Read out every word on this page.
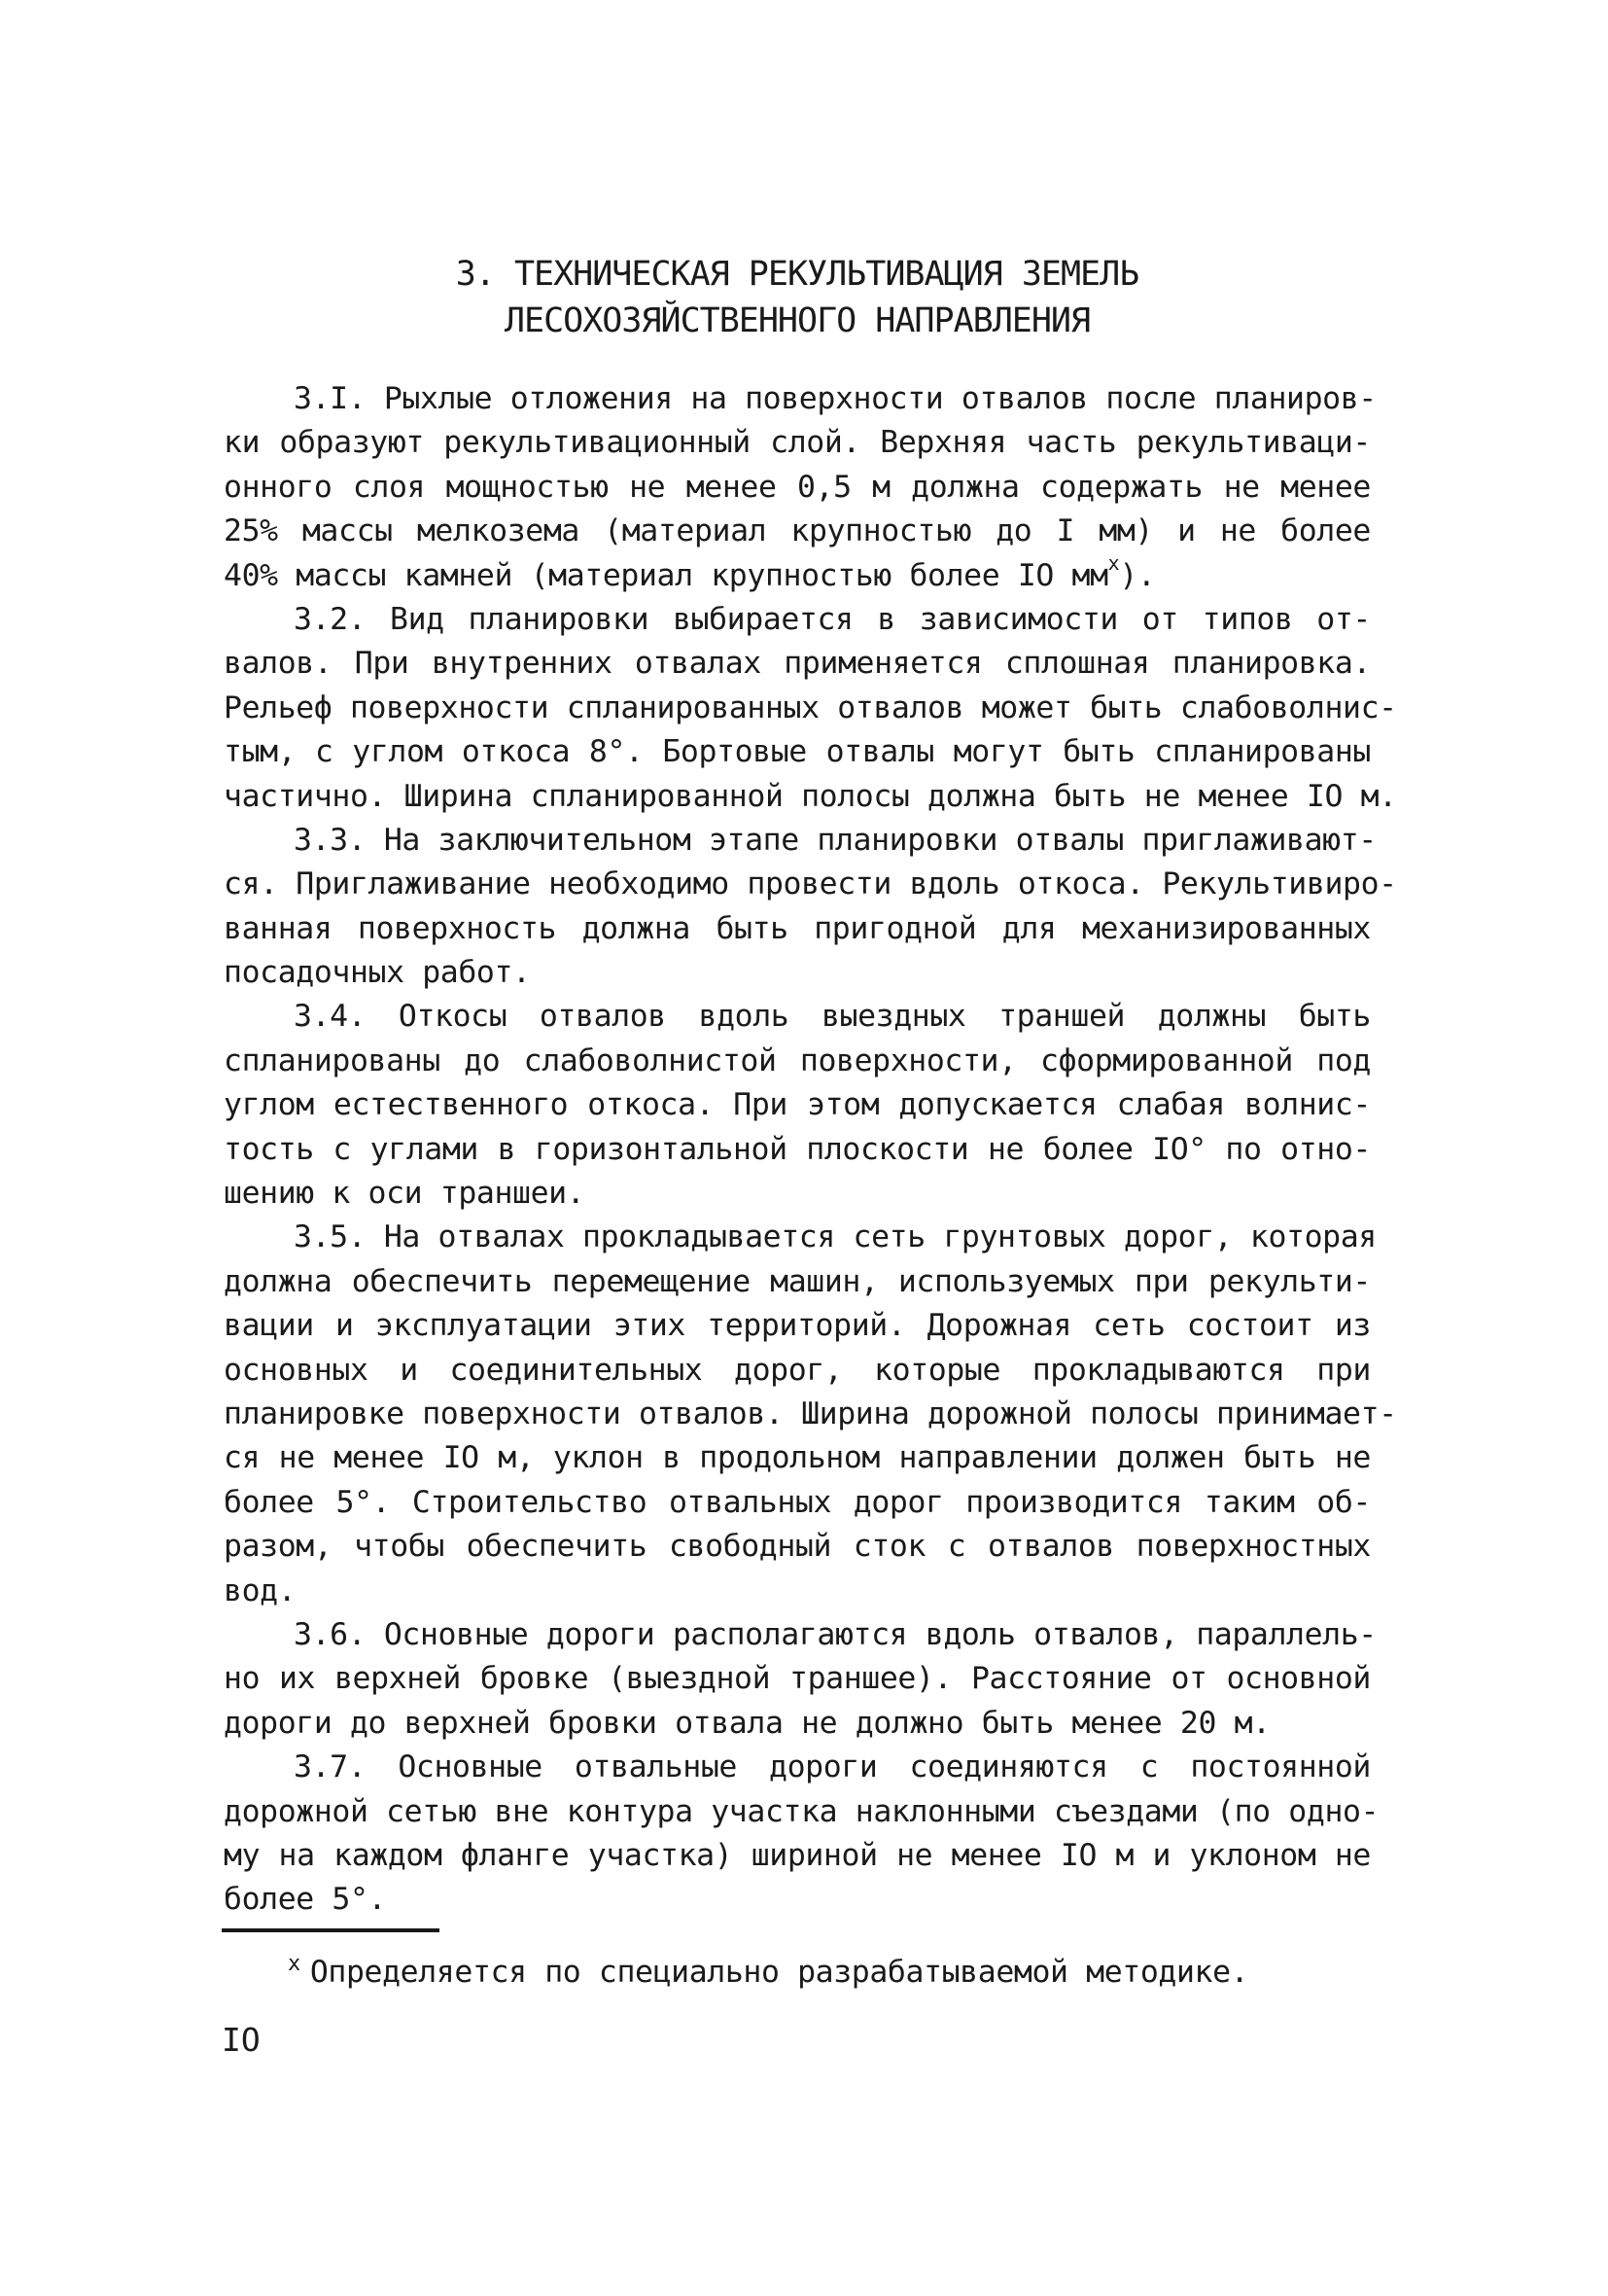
3. ТЕХНИЧЕСКАЯ РЕКУЛЬТИВАЦИЯ ЗЕМЕЛЬ
ЛЕСОХОЗЯЙСТВЕННОГО НАПРАВЛЕНИЯ
3.I. Рыхлые отложения на поверхности отвалов после планиров-
ки образуют рекультивационный слой. Верхняя часть рекультиваци-
онного слоя мощностью не менее 0,5 м должна содержать не менее
25% массы мелкозема (материал крупностью до I мм) и не более
40% массы камней (материал крупностью более IO $мм^x$).
3.2. Вид планировки выбирается в зависимости от типов от-
валов. При внутренних отвалах применяется сплошная планировка.
Рельеф поверхности спланированных отвалов может быть слабоволнис-
тым, с углом откоса 8°. Бортовые отвалы могут быть спланированы
частично. Ширина спланированной полосы должна быть не менее IO м.
3.3. На заключительном этапе планировки отвалы приглаживают-
ся. Приглаживание необходимо провести вдоль откоса. Рекультивиро-
ванная поверхность должна быть пригодной для механизированных
посадочных работ.
3.4. Откосы отвалов вдоль выездных траншей должны быть
спланированы до слабоволнистой поверхности, сформированной под
углом естественного откоса. При этом допускается слабая волнис-
тость с углами в горизонтальной плоскости не более IO° по отно-
шению к оси траншеи.
3.5. На отвалах прокладывается сеть грунтовых дорог, которая
должна обеспечить перемещение машин, используемых при рекульти-
вации и эксплуатации этих территорий. Дорожная сеть состоит из
основных и соединительных дорог, которые прокладываются при
планировке поверхности отвалов. Ширина дорожной полосы принимает-
ся не менее IO м, уклон в продольном направлении должен быть не
более 5°. Строительство отвальных дорог производится таким об-
разом, чтобы обеспечить свободный сток с отвалов поверхностных
вод.
3.6. Основные дороги располагаются вдоль отвалов, параллель-
но их верхней бровке (выездной траншее). Расстояние от основной
дороги до верхней бровки отвала не должно быть менее 20 м.
3.7. Основные отвальные дороги соединяются с постоянной
дорожной сетью вне контура участка наклонными съездами (по одно-
му на каждом фланге участка) шириной не менее IO м и уклоном не
более 5°.
$^x$ Определяется по специально разрабатываемой методике.
IO
